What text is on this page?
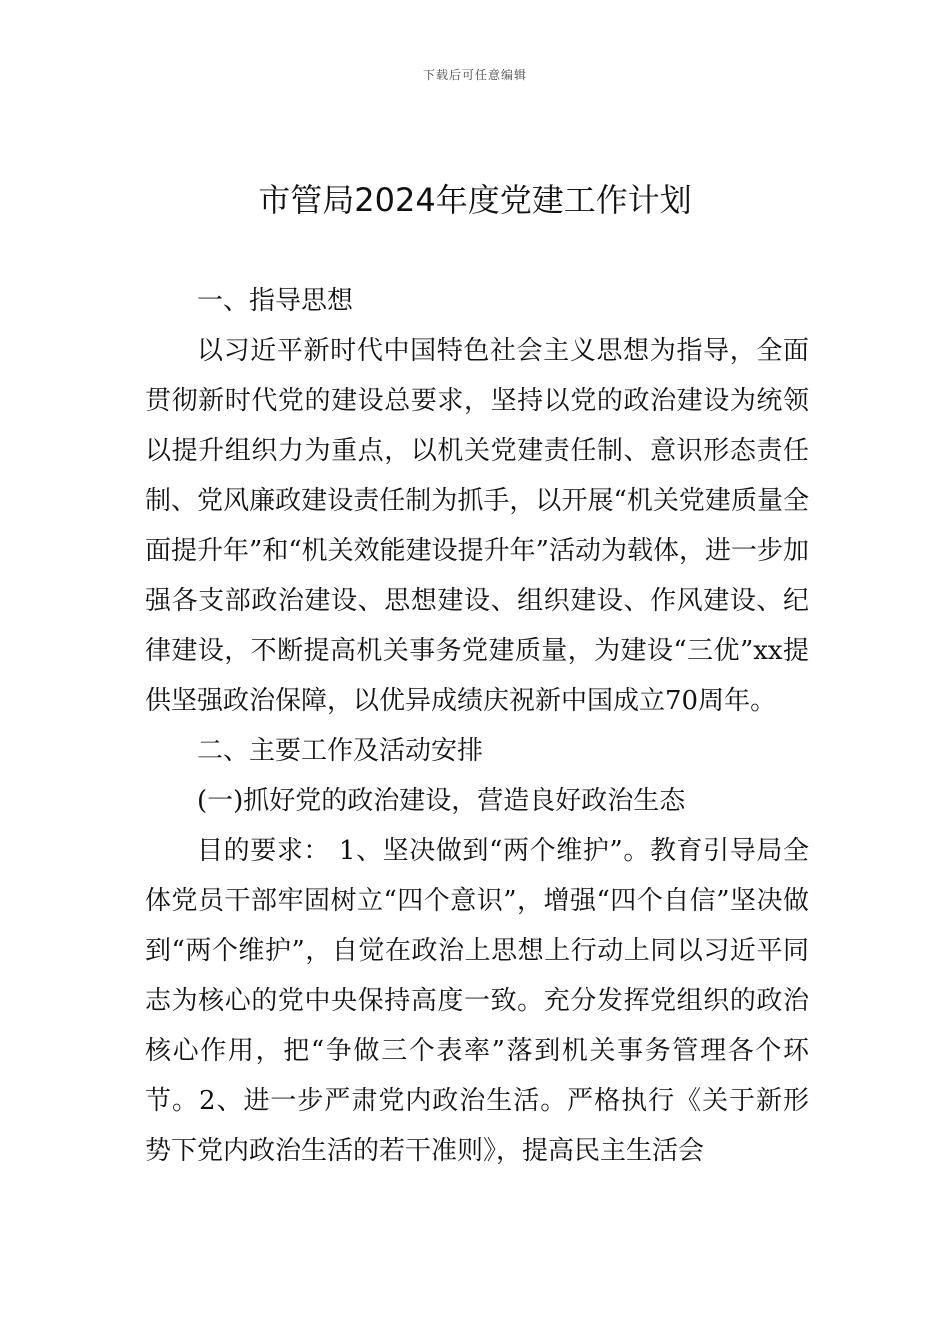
下载后可任意编辑
市管局2024年度党建工作计划

一、指导思想

以习近平新时代中国特色社会主义思想为指导，全面贯彻新时代党的建设总要求，坚持以党的政治建设为统领以提升组织力为重点，以机关党建责任制、意识形态责任制、党风廉政建设责任制为抓手，以开展“机关党建质量全面提升年”和“机关效能建设提升年”活动为载体，进一步加强各支部政治建设、思想建设、组织建设、作风建设、纪律建设，不断提高机关事务党建质量，为建设“三优”xx提供坚强政治保障，以优异成绩庆祝新中国成立70周年。

二、主要工作及活动安排

(一)抓好党的政治建设，营造良好政治生态

目的要求： 1、坚决做到“两个维护”。教育引导局全体党员干部牢固树立“四个意识”，增强“四个自信”坚决做到“两个维护”，自觉在政治上思想上行动上同以习近平同志为核心的党中央保持高度一致。充分发挥党组织的政治核心作用，把“争做三个表率”落到机关事务管理各个环节。2、进一步严肃党内政治生活。严格执行《关于新形势下党内政治生活的若干准则》，提高民主生活会
